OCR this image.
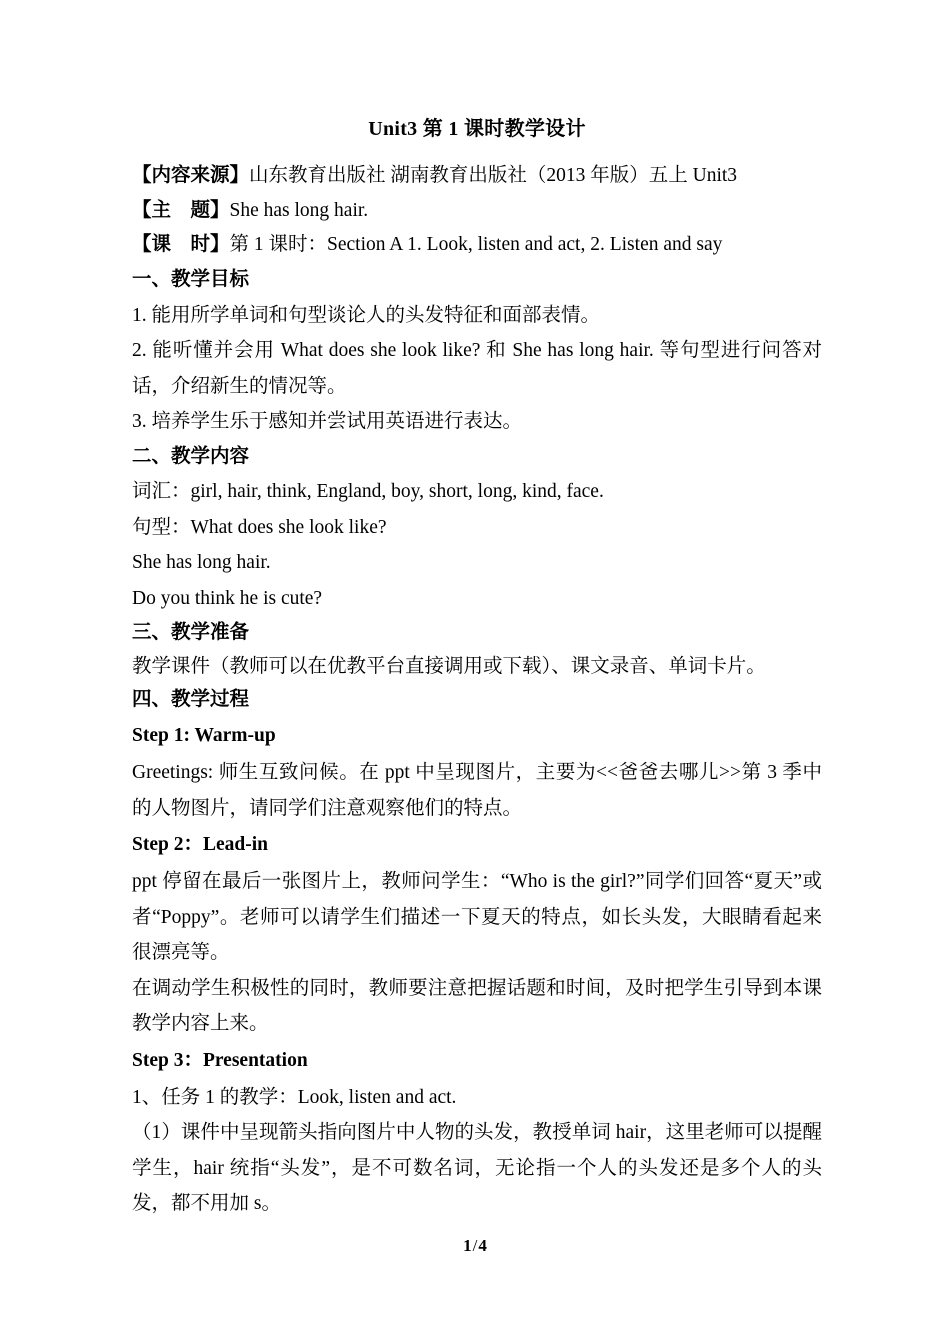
Unit3 第 1 课时教学设计

【内容来源】山东教育出版社 湖南教育出版社（2013 年版）五上 Unit3

【主　题】She has long hair.

【课　时】第 1 课时：Section A 1. Look, listen and act, 2. Listen and say

一、教学目标

1. 能用所学单词和句型谈论人的头发特征和面部表情。

2. 能听懂并会用 What does she look like? 和 She has long hair. 等句型进行问答对话，介绍新生的情况等。

3. 培养学生乐于感知并尝试用英语进行表达。

二、教学内容

词汇：girl, hair, think, England, boy, short, long, kind, face.

句型：What does she look like?

She has long hair.

Do you think he is cute?

三、教学准备

教学课件（教师可以在优教平台直接调用或下载）、课文录音、单词卡片。

四、教学过程

Step 1: Warm-up

Greetings: 师生互致问候。在 ppt 中呈现图片，主要为<<爸爸去哪儿>>第 3 季中的人物图片，请同学们注意观察他们的特点。

Step 2：Lead-in

ppt 停留在最后一张图片上，教师问学生：“Who is the girl?”同学们回答“夏天”或者“Poppy”。老师可以请学生们描述一下夏天的特点，如长头发，大眼睛看起来很漂亮等。

在调动学生积极性的同时，教师要注意把握话题和时间，及时把学生引导到本课教学内容上来。

Step 3：Presentation

1、任务 1 的教学：Look, listen and act.

（1）课件中呈现箭头指向图片中人物的头发，教授单词 hair，这里老师可以提醒学生，hair 统指“头发”，是不可数名词，无论指一个人的头发还是多个人的头发，都不用加 s。

1/4
